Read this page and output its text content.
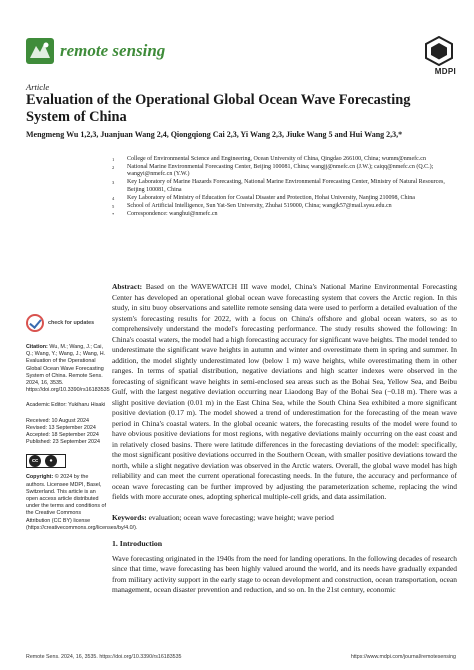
remote sensing
MDPI
Article
Evaluation of the Operational Global Ocean Wave Forecasting System of China
Mengmeng Wu 1,2,3, Juanjuan Wang 2,4, Qiongqiong Cai 2,3, Yi Wang 2,3, Jiuke Wang 5 and Hui Wang 2,3,*
1 College of Environmental Science and Engineering, Ocean University of China, Qingdao 266100, China; wumm@nmefc.cn
2 National Marine Environmental Forecasting Center, Beijing 100081, China; wangjj@nmefc.cn (J.W.); caiqq@nmefc.cn (Q.C.); wangyi@nmefc.cn (Y.W.)
3 Key Laboratory of Marine Hazards Forecasting, National Marine Environmental Forecasting Center, Ministry of Natural Resources, Beijing 100081, China
4 Key Laboratory of Ministry of Education for Coastal Disaster and Protection, Hohai University, Nanjing 210098, China
5 School of Artificial Intelligence, Sun Yat-Sen University, Zhuhai 519000, China; wangjk57@mail.sysu.edu.cn
* Correspondence: wanghui@nmefc.cn
check for updates
Citation: Wu, M.; Wang, J.; Cai, Q.; Wang, Y.; Wang, J.; Wang, H. Evaluation of the Operational Global Ocean Wave Forecasting System of China. Remote Sens. 2024, 16, 3535. https://doi.org/10.3390/rs16183535
Academic Editor: Yukiharu Hisaki
Received: 10 August 2024
Revised: 13 September 2024
Accepted: 18 September 2024
Published: 23 September 2024
cc	●
Copyright: © 2024 by the authors. Licensee MDPI, Basel, Switzerland. This article is an open access article distributed under the terms and conditions of the Creative Commons Attribution (CC BY) license (https://creativecommons.org/licenses/by/4.0/).

Abstract: Based on the WAVEWATCH III wave model, China's National Marine Environmental Forecasting Center has developed an operational global ocean wave forecasting system that covers the Arctic region. In this study, in situ buoy observations and satellite remote sensing data were used to perform a detailed evaluation of the system's forecasting results for 2022, with a focus on China's offshore and global ocean waters, so as to comprehensively understand the model's forecasting performance. The study results showed the following: In China's coastal waters, the model had a high forecasting accuracy for significant wave heights. The model tended to underestimate the significant wave heights in autumn and winter and overestimate them in spring and summer. In addition, the model slightly underestimated low (below 1 m) wave heights, while overestimating them in other ranges. In terms of spatial distribution, negative deviations and high scatter indexes were observed in the forecasting of significant wave heights in semi-enclosed sea areas such as the Bohai Sea, Yellow Sea, and Beibu Gulf, with the largest negative deviation occurring near Liaodong Bay of the Bohai Sea (−0.18 m). There was a slight positive deviation (0.01 m) in the East China Sea, while the South China Sea exhibited a more significant positive deviation (0.17 m). The model showed a trend of underestimation for the forecasting of the mean wave period in China's coastal waters. In the global oceanic waters, the forecasting results of the model were found to have obvious positive deviations for most regions, with negative deviations mainly occurring on the east coast and in relatively closed basins. There were latitude differences in the forecasting deviations of the model: specifically, the most significant positive deviations occurred in the Southern Ocean, with smaller positive deviations toward the north, while a slight negative deviation was observed in the Arctic waters. Overall, the global wave model has high reliability and can meet the current operational forecasting needs. In the future, the accuracy and performance of ocean wave forecasting can be further improved by adjusting the parameterization scheme, replacing the wind fields with more accurate ones, adopting spherical multiple-cell grids, and data assimilation.

Keywords: evaluation; ocean wave forecasting; wave height; wave period

1. Introduction

Wave forecasting originated in the 1940s from the need for landing operations. In the following decades of research since that time, wave forecasting has been highly valued around the world, and its needs have gradually expanded from military activity support in the early stage to ocean development and construction, ocean transportation, ocean management, ocean disaster prevention and reduction, and so on. In the 21st century, economic

Remote Sens. 2024, 16, 3535. https://doi.org/10.3390/rs16183535	https://www.mdpi.com/journal/remotesensing
